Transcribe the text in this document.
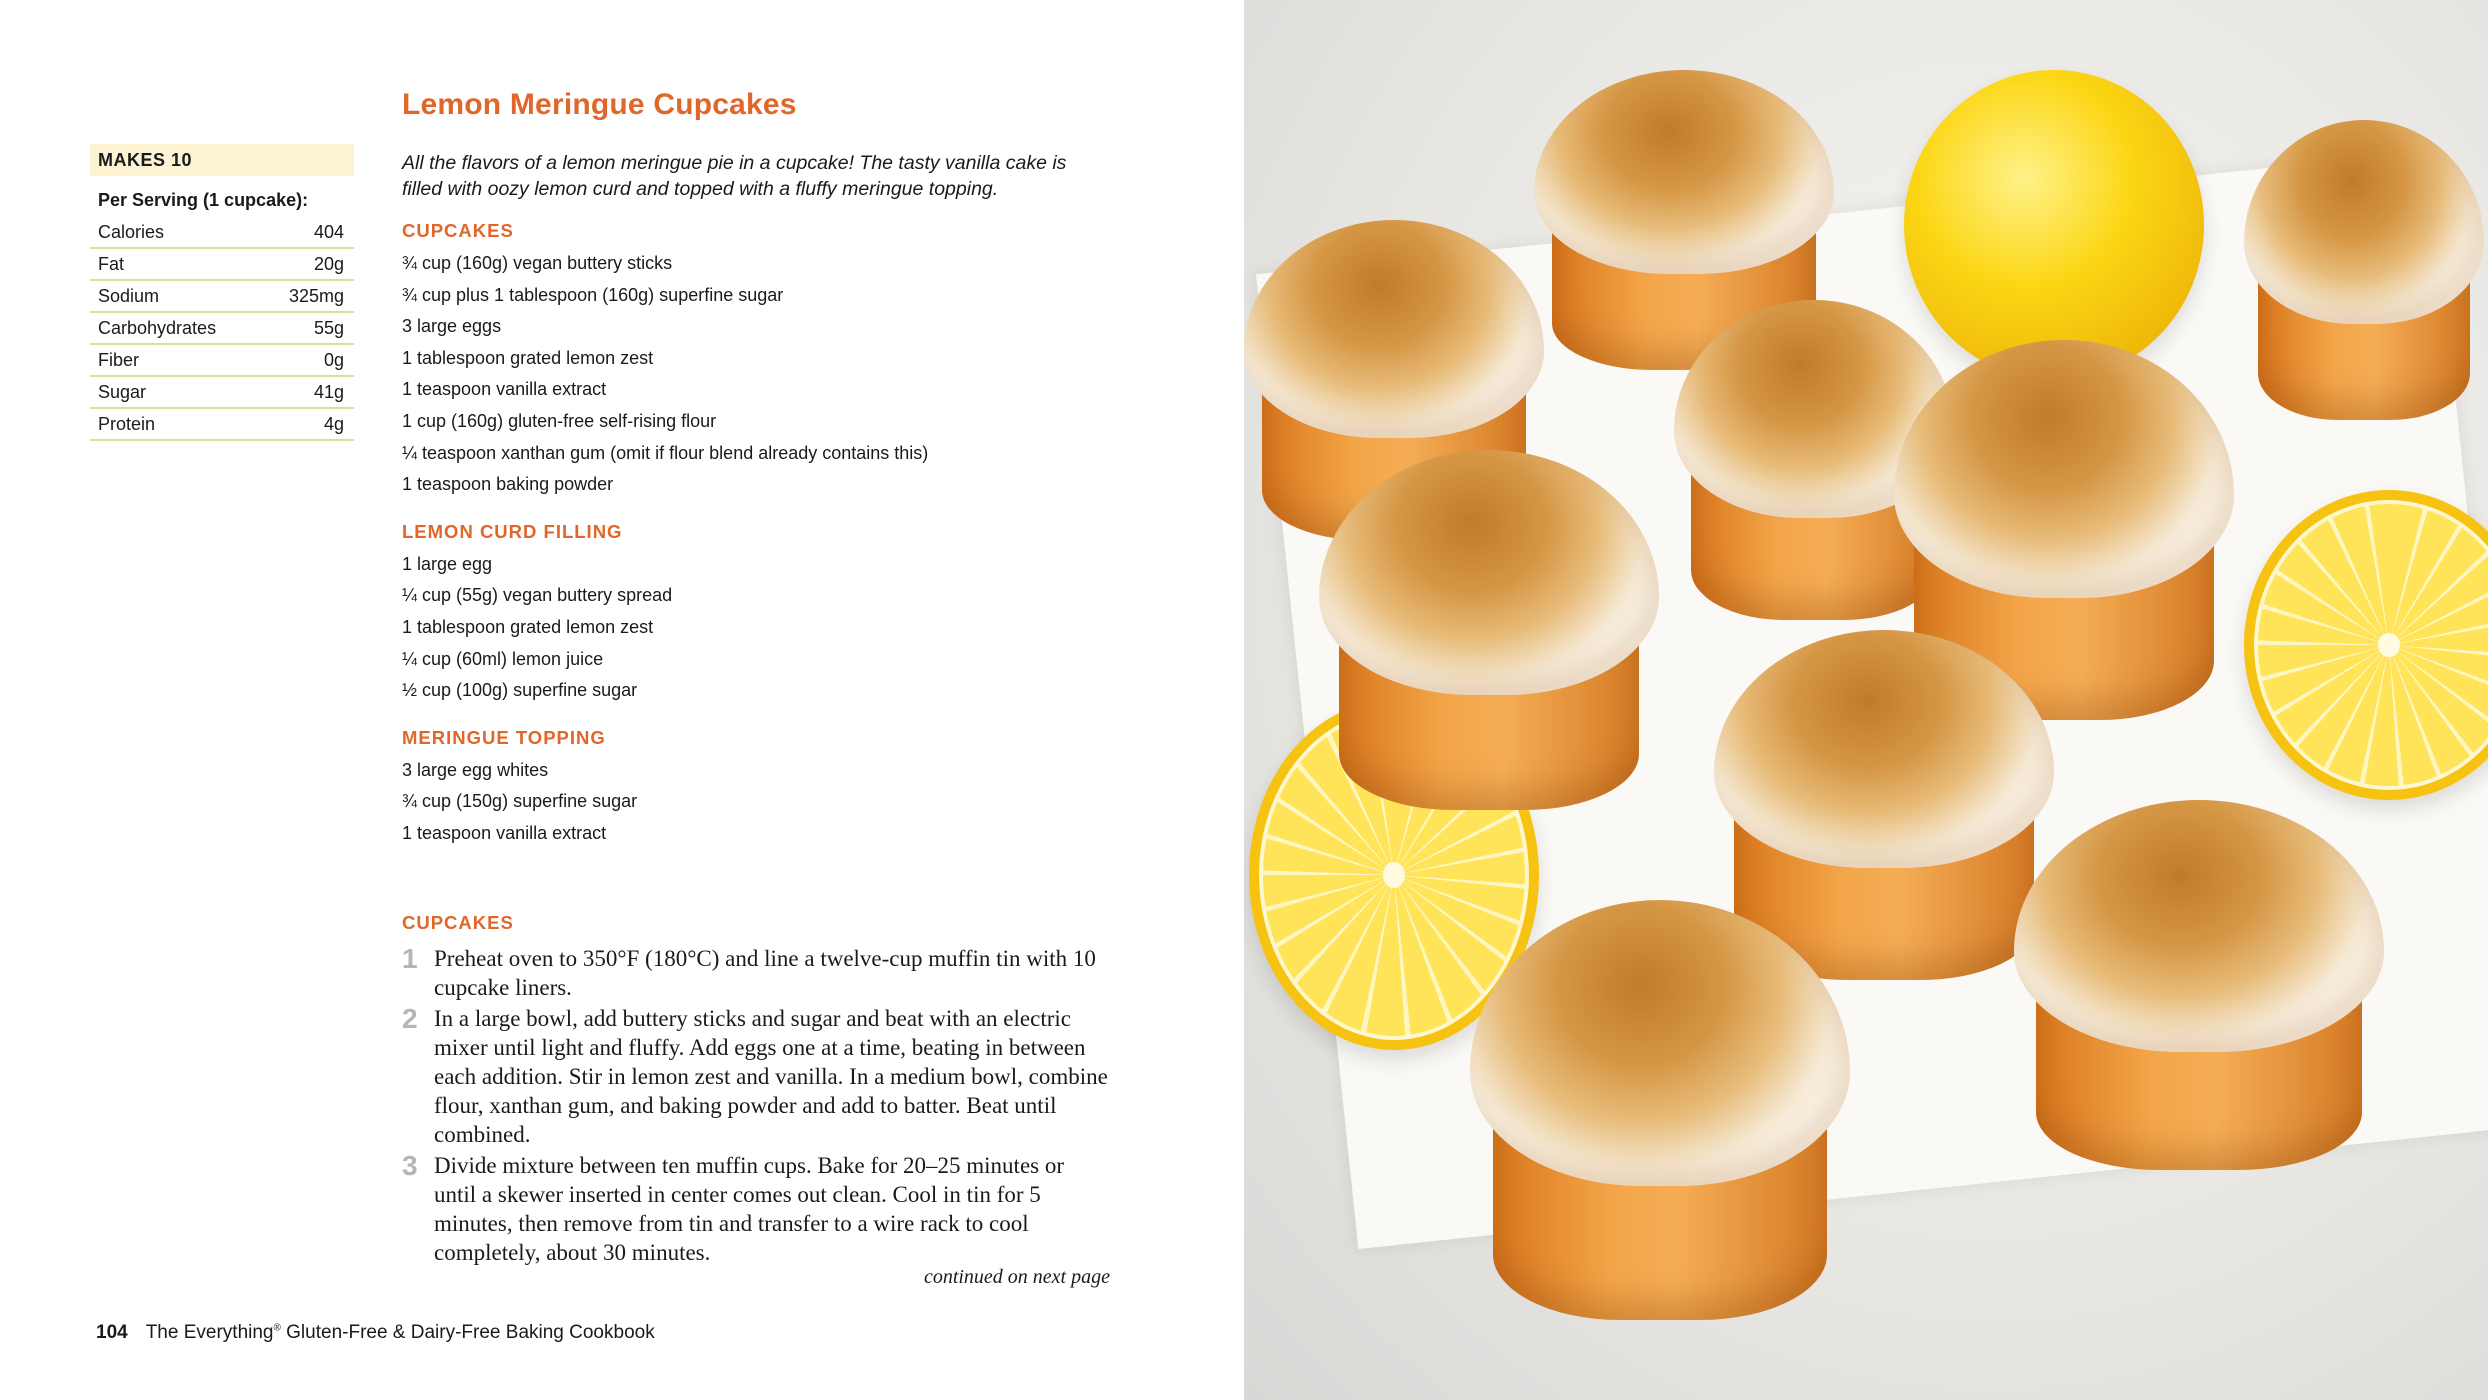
MAKES 10
Per Serving (1 cupcake):
Calories	404
Fat	20g
Sodium	325mg
Carbohydrates	55g
Fiber	0g
Sugar	41g
Protein	4g
Lemon Meringue Cupcakes
All the flavors of a lemon meringue pie in a cupcake! The tasty vanilla cake is filled with oozy lemon curd and topped with a fluffy meringue topping.
CUPCAKES
¾ cup (160g) vegan buttery sticks
¾ cup plus 1 tablespoon (160g) superfine sugar
3 large eggs
1 tablespoon grated lemon zest
1 teaspoon vanilla extract
1 cup (160g) gluten-free self-rising flour
¼ teaspoon xanthan gum (omit if flour blend already contains this)
1 teaspoon baking powder
LEMON CURD FILLING
1 large egg
¼ cup (55g) vegan buttery spread
1 tablespoon grated lemon zest
¼ cup (60ml) lemon juice
½ cup (100g) superfine sugar
MERINGUE TOPPING
3 large egg whites
¾ cup (150g) superfine sugar
1 teaspoon vanilla extract
CUPCAKES
1 Preheat oven to 350°F (180°C) and line a twelve-cup muffin tin with 10 cupcake liners.
2 In a large bowl, add buttery sticks and sugar and beat with an electric mixer until light and fluffy. Add eggs one at a time, beating in between each addition. Stir in lemon zest and vanilla. In a medium bowl, combine flour, xanthan gum, and baking powder and add to batter. Beat until combined.
3 Divide mixture between ten muffin cups. Bake for 20–25 minutes or until a skewer inserted in center comes out clean. Cool in tin for 5 minutes, then remove from tin and transfer to a wire rack to cool completely, about 30 minutes.
continued on next page
104 The Everything® Gluten-Free & Dairy-Free Baking Cookbook
